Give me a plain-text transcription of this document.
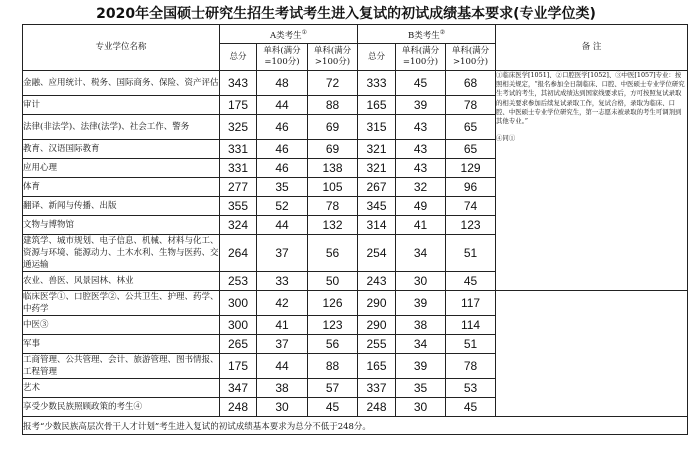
2020年全国硕士研究生招生考试考生进入复试的初试成绩基本要求(专业学位类)
专业学位名称	A类考生①			B类考生②			备 注
	总分	单科(满分=100分)	单科(满分>100分)	总分	单科(满分=100分)	单科(满分>100分)	
金融、应用统计、税务、国际商务、保险、资产评估	343	48	72	333	45	68	①临床医学[1051]、②口腔医学[1052]、③中医[1057]专业：按照相关规定，“报名参加全日制临床、口腔、中医硕士专业学位研究生考试的考生，其初试成绩达到国家线要求后，方可按照复试录取的相关要求参加后续复试录取工作，复试合格，录取为临床、口腔、中医硕士专业学位研究生，第一志愿未被录取的考生可调剂到其他专业。”
④同①

审计	175	44	88	165	39	78	
法律(非法学)、法律(法学)、社会工作、警务	325	46	69	315	43	65	
教育、汉语国际教育	331	46	69	321	43	65	
应用心理	331	46	138	321	43	129	
体育	277	35	105	267	32	96	
翻译、新闻与传播、出版	355	52	78	345	49	74	
文物与博物馆	324	44	132	314	41	123	
建筑学、城市规划、电子信息、机械、材料与化工、资源与环境、能源动力、土木水利、生物与医药、交通运输	264	37	56	254	34	51	
农业、兽医、风景园林、林业	253	33	50	243	30	45	
临床医学①、口腔医学②、公共卫生、护理、药学、中药学	300	42	126	290	39	117	
中医③	300	41	123	290	38	114	
军事	265	37	56	255	34	51	
工商管理、公共管理、会计、旅游管理、图书情报、工程管理	175	44	88	165	39	78	
艺术	347	38	57	337	35	53	
享受少数民族照顾政策的考生④	248	30	45	248	30	45	
报考“少数民族高层次骨干人才计划”考生进入复试的初试成绩基本要求为总分不低于248分。							
